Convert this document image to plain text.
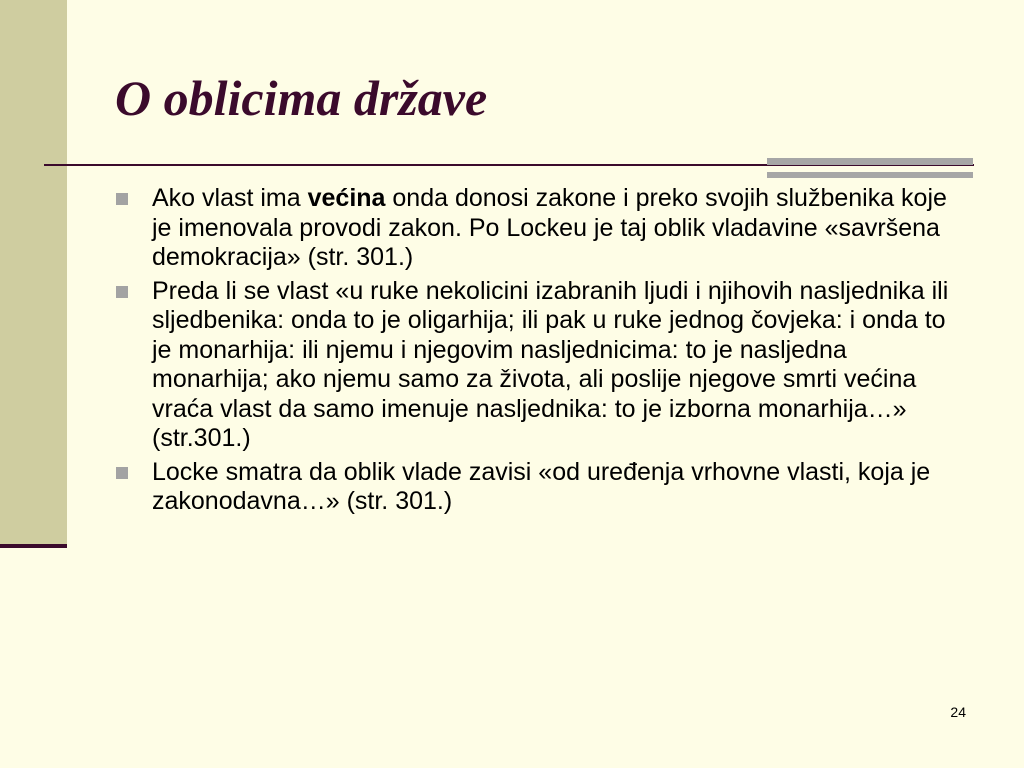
O oblicima države
Ako vlast ima većina onda donosi zakone i preko svojih službenika koje je imenovala provodi zakon. Po Lockeu je taj oblik vladavine «savršena demokracija» (str. 301.)
Preda li se vlast «u ruke nekolicini izabranih ljudi i njihovih nasljednika ili sljedbenika: onda to je oligarhija; ili pak u ruke jednog čovjeka: i onda to je monarhija: ili njemu i njegovim nasljednicima: to je nasljedna monarhija; ako njemu samo za života, ali poslije njegove smrti većina vraća vlast da samo imenuje nasljednika: to je izborna monarhija…» (str.301.)
Locke smatra da oblik vlade zavisi «od uređenja vrhovne vlasti, koja je zakonodavna…» (str. 301.)
24
